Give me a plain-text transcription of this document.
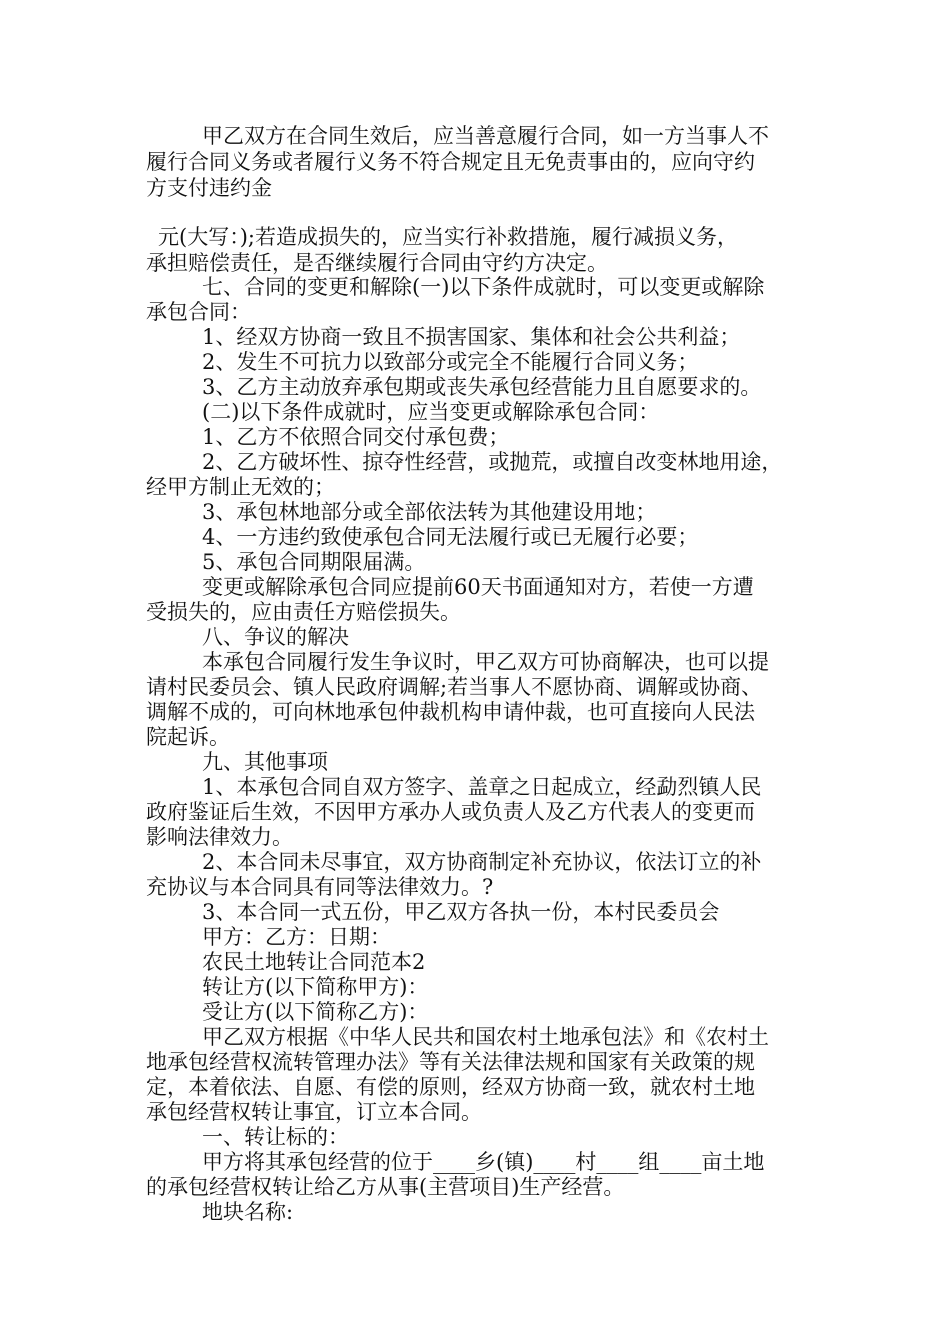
甲乙双方在合同生效后，应当善意履行合同，如一方当事人不

履行合同义务或者履行义务不符合规定且无免责事由的，应向守约

方支付违约金

元(大写：);若造成损失的，应当实行补救措施，履行减损义务，

承担赔偿责任，是否继续履行合同由守约方决定。

七、合同的变更和解除(一)以下条件成就时，可以变更或解除

承包合同：

1、经双方协商一致且不损害国家、集体和社会公共利益；

2、发生不可抗力以致部分或完全不能履行合同义务；

3、乙方主动放弃承包期或丧失承包经营能力且自愿要求的。

(二)以下条件成就时，应当变更或解除承包合同：

1、乙方不依照合同交付承包费；

2、乙方破坏性、掠夺性经营，或抛荒，或擅自改变林地用途，

经甲方制止无效的；

3、承包林地部分或全部依法转为其他建设用地；

4、一方违约致使承包合同无法履行或已无履行必要；

5、承包合同期限届满。

变更或解除承包合同应提前60天书面通知对方，若使一方遭

受损失的，应由责任方赔偿损失。

八、争议的解决

本承包合同履行发生争议时，甲乙双方可协商解决，也可以提

请村民委员会、镇人民政府调解;若当事人不愿协商、调解或协商、

调解不成的，可向林地承包仲裁机构申请仲裁，也可直接向人民法

院起诉。

九、其他事项

1、本承包合同自双方签字、盖章之日起成立，经勐烈镇人民

政府鉴证后生效，不因甲方承办人或负责人及乙方代表人的变更而

影响法律效力。

2、本合同未尽事宜，双方协商制定补充协议，依法订立的补

充协议与本合同具有同等法律效力。?

3、本合同一式五份，甲乙双方各执一份，本村民委员会

甲方：乙方：日期：

农民土地转让合同范本2

转让方(以下简称甲方)：

受让方(以下简称乙方)：

甲乙双方根据《中华人民共和国农村土地承包法》和《农村土

地承包经营权流转管理办法》等有关法律法规和国家有关政策的规

定，本着依法、自愿、有偿的原则，经双方协商一致，就农村土地

承包经营权转让事宜，订立本合同。

一、转让标的：

甲方将其承包经营的位于____乡(镇)____村____组____亩土地

的承包经营权转让给乙方从事(主营项目)生产经营。

地块名称:
